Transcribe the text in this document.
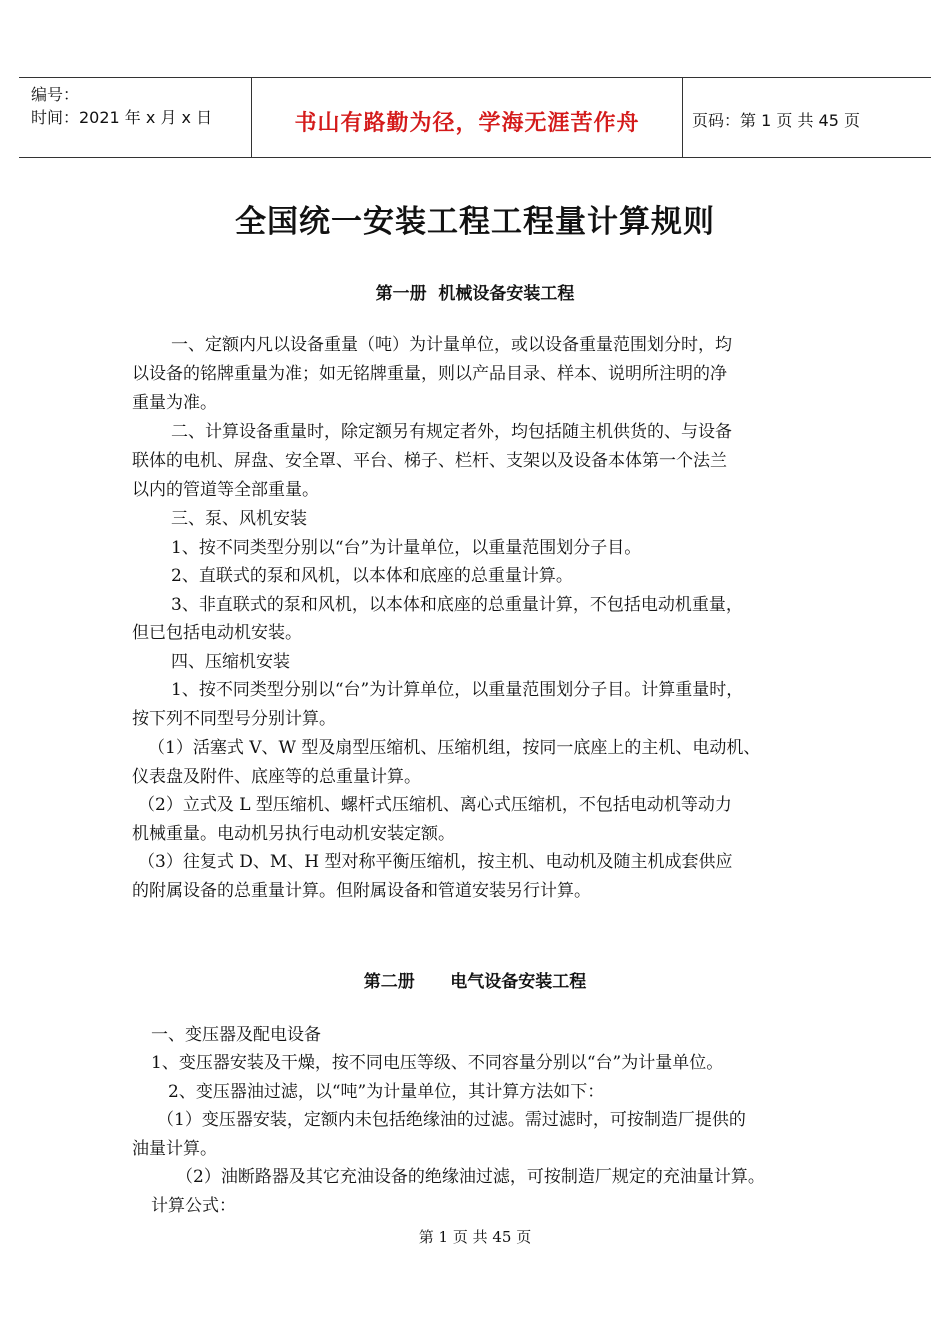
编号：
时间：2021 年 x 月 x 日	书山有路勤为径，学海无涯苦作舟	页码：第 1 页 共 45 页
全国统一安装工程工程量计算规则
第一册  机械设备安装工程
一、定额内凡以设备重量（吨）为计量单位，或以设备重量范围划分时，均
以设备的铭牌重量为准；如无铭牌重量，则以产品目录、样本、说明所注明的净
重量为准。
二、计算设备重量时，除定额另有规定者外，均包括随主机供货的、与设备
联体的电机、屏盘、安全罩、平台、梯子、栏杆、支架以及设备本体第一个法兰
以内的管道等全部重量。
三、泵、风机安装
1、按不同类型分别以“台”为计量单位，以重量范围划分子目。
2、直联式的泵和风机，以本体和底座的总重量计算。
3、非直联式的泵和风机，以本体和底座的总重量计算，不包括电动机重量，
但已包括电动机安装。
四、压缩机安装
1、按不同类型分别以“台”为计算单位，以重量范围划分子目。计算重量时，
按下列不同型号分别计算。
（1）活塞式 V、W 型及扇型压缩机、压缩机组，按同一底座上的主机、电动机、
仪表盘及附件、底座等的总重量计算。
（2）立式及 L 型压缩机、螺杆式压缩机、离心式压缩机，不包括电动机等动力
机械重量。电动机另执行电动机安装定额。
（3）往复式 D、M、H 型对称平衡压缩机，按主机、电动机及随主机成套供应
的附属设备的总重量计算。但附属设备和管道安装另行计算。
第二册      电气设备安装工程
一、变压器及配电设备
1、变压器安装及干燥，按不同电压等级、不同容量分别以“台”为计量单位。
2、变压器油过滤，以“吨”为计量单位，其计算方法如下：
（1）变压器安装，定额内未包括绝缘油的过滤。需过滤时，可按制造厂提供的
油量计算。
（2）油断路器及其它充油设备的绝缘油过滤，可按制造厂规定的充油量计算。
计算公式：
第 1 页 共 45 页
